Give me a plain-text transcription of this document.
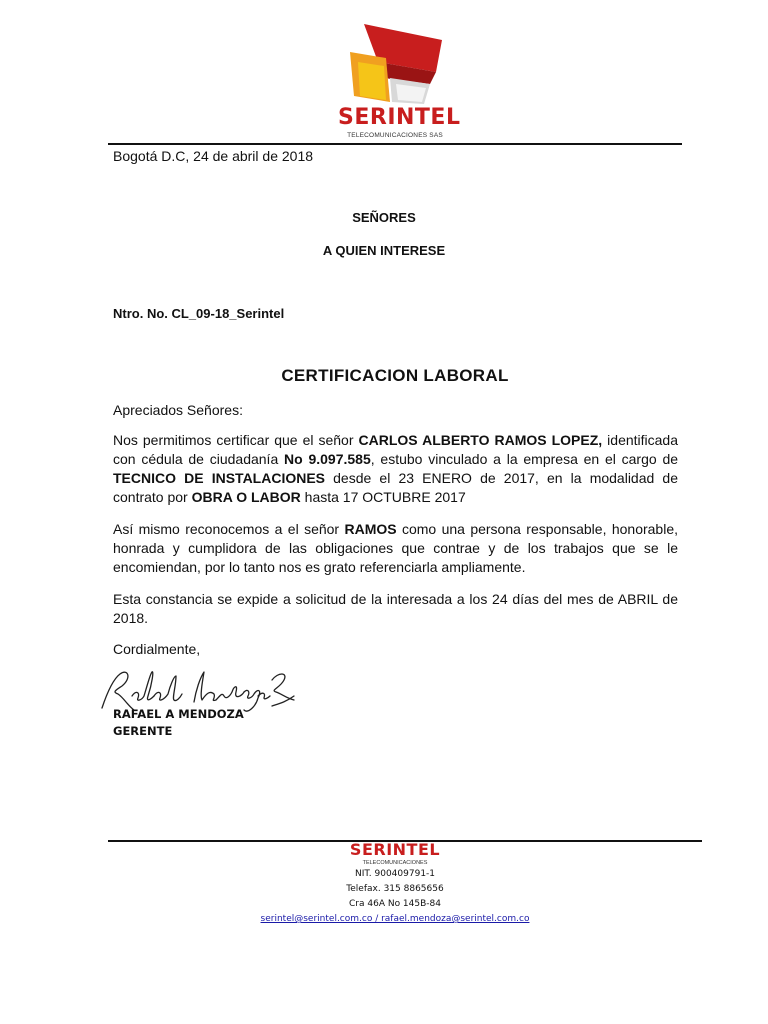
SERINTEL
TELECOMUNICACIONES SAS
Bogotá D.C, 24 de abril de 2018
SEÑORES
A QUIEN INTERESE
Ntro. No. CL_09-18_Serintel
CERTIFICACION LABORAL
Apreciados Señores:
Nos permitimos certificar que el señor CARLOS ALBERTO RAMOS LOPEZ, identificada con cédula de ciudadanía No 9.097.585, estubo vinculado a la empresa en el cargo de TECNICO DE INSTALACIONES desde el 23 ENERO de 2017, en la modalidad de contrato por OBRA O LABOR hasta 17 OCTUBRE 2017
Así mismo reconocemos a el señor RAMOS como una persona responsable, honorable, honrada y cumplidora de las obligaciones que contrae y de los trabajos que se le encomiendan, por lo tanto nos es grato referenciarla ampliamente.
Esta constancia se expide a solicitud de la interesada a los 24 días del mes de ABRIL de 2018.
Cordialmente,
RAFAEL A MENDOZA
GERENTE
SERINTEL
TELECOMUNICACIONES
NIT. 900409791-1
Telefax. 315 8865656
Cra 46A No 145B-84
serintel@serintel.com.co / rafael.mendoza@serintel.com.co
